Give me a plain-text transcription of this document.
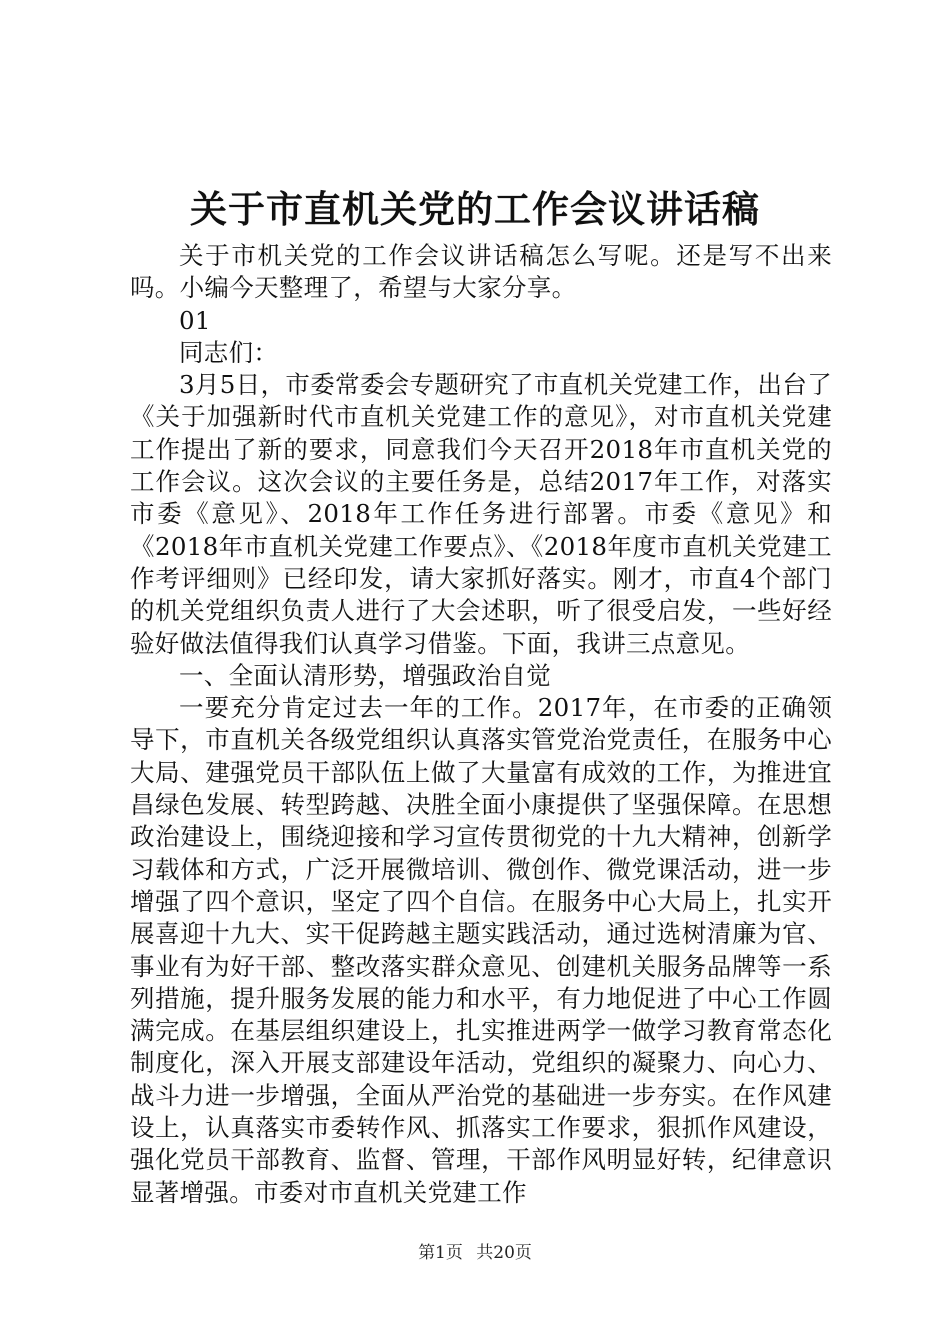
关于市直机关党的工作会议讲话稿

关于市机关党的工作会议讲话稿怎么写呢。还是写不出来吗。小编今天整理了，希望与大家分享。

01

同志们：

3月5日，市委常委会专题研究了市直机关党建工作，出台了《关于加强新时代市直机关党建工作的意见》，对市直机关党建工作提出了新的要求，同意我们今天召开2018年市直机关党的工作会议。这次会议的主要任务是，总结2017年工作，对落实市委《意见》、2018年工作任务进行部署。市委《意见》和《2018年市直机关党建工作要点》、《2018年度市直机关党建工作考评细则》已经印发，请大家抓好落实。刚才，市直4个部门的机关党组织负责人进行了大会述职，听了很受启发，一些好经验好做法值得我们认真学习借鉴。下面，我讲三点意见。

一、全面认清形势，增强政治自觉

一要充分肯定过去一年的工作。2017年，在市委的正确领导下，市直机关各级党组织认真落实管党治党责任，在服务中心大局、建强党员干部队伍上做了大量富有成效的工作，为推进宜昌绿色发展、转型跨越、决胜全面小康提供了坚强保障。在思想政治建设上，围绕迎接和学习宣传贯彻党的十九大精神，创新学习载体和方式，广泛开展微培训、微创作、微党课活动，进一步增强了四个意识，坚定了四个自信。在服务中心大局上，扎实开展喜迎十九大、实干促跨越主题实践活动，通过选树清廉为官、事业有为好干部、整改落实群众意见、创建机关服务品牌等一系列措施，提升服务发展的能力和水平，有力地促进了中心工作圆满完成。在基层组织建设上，扎实推进两学一做学习教育常态化制度化，深入开展支部建设年活动，党组织的凝聚力、向心力、战斗力进一步增强，全面从严治党的基础进一步夯实。在作风建设上，认真落实市委转作风、抓落实工作要求，狠抓作风建设，强化党员干部教育、监督、管理，干部作风明显好转，纪律意识显著增强。市委对市直机关党建工作

第1页 共20页
